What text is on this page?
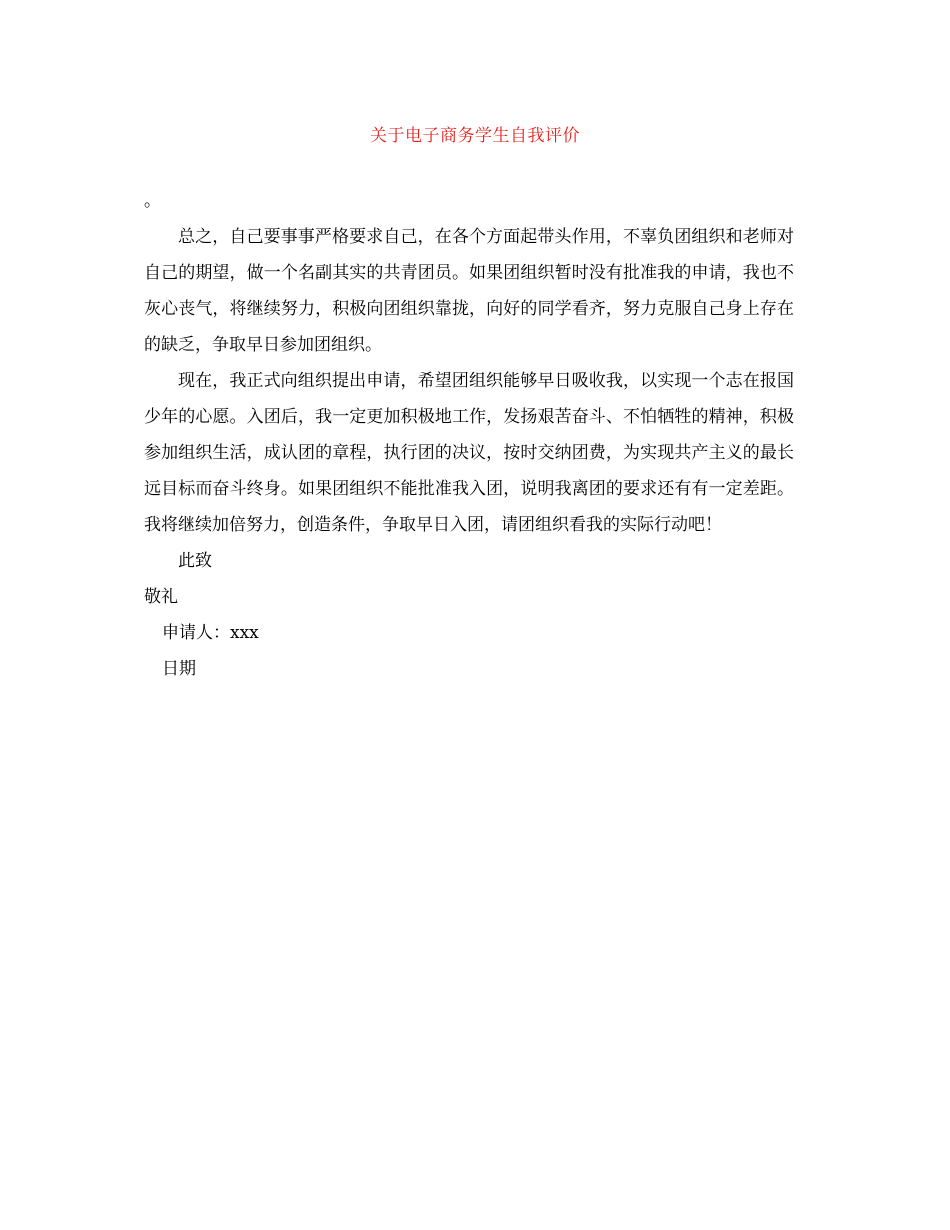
关于电子商务学生自我评价

。

总之，自己要事事严格要求自己，在各个方面起带头作用，不辜负团组织和老师对自己的期望，做一个名副其实的共青团员。如果团组织暂时没有批准我的申请，我也不灰心丧气，将继续努力，积极向团组织靠拢，向好的同学看齐，努力克服自己身上存在的缺乏，争取早日参加团组织。

现在，我正式向组织提出申请，希望团组织能够早日吸收我，以实现一个志在报国少年的心愿。入团后，我一定更加积极地工作，发扬艰苦奋斗、不怕牺牲的精神，积极参加组织生活，成认团的章程，执行团的决议，按时交纳团费，为实现共产主义的最长远目标而奋斗终身。如果团组织不能批准我入团，说明我离团的要求还有有一定差距。我将继续加倍努力，创造条件，争取早日入团，请团组织看我的实际行动吧！

此致

敬礼

申请人：xxx

日期
